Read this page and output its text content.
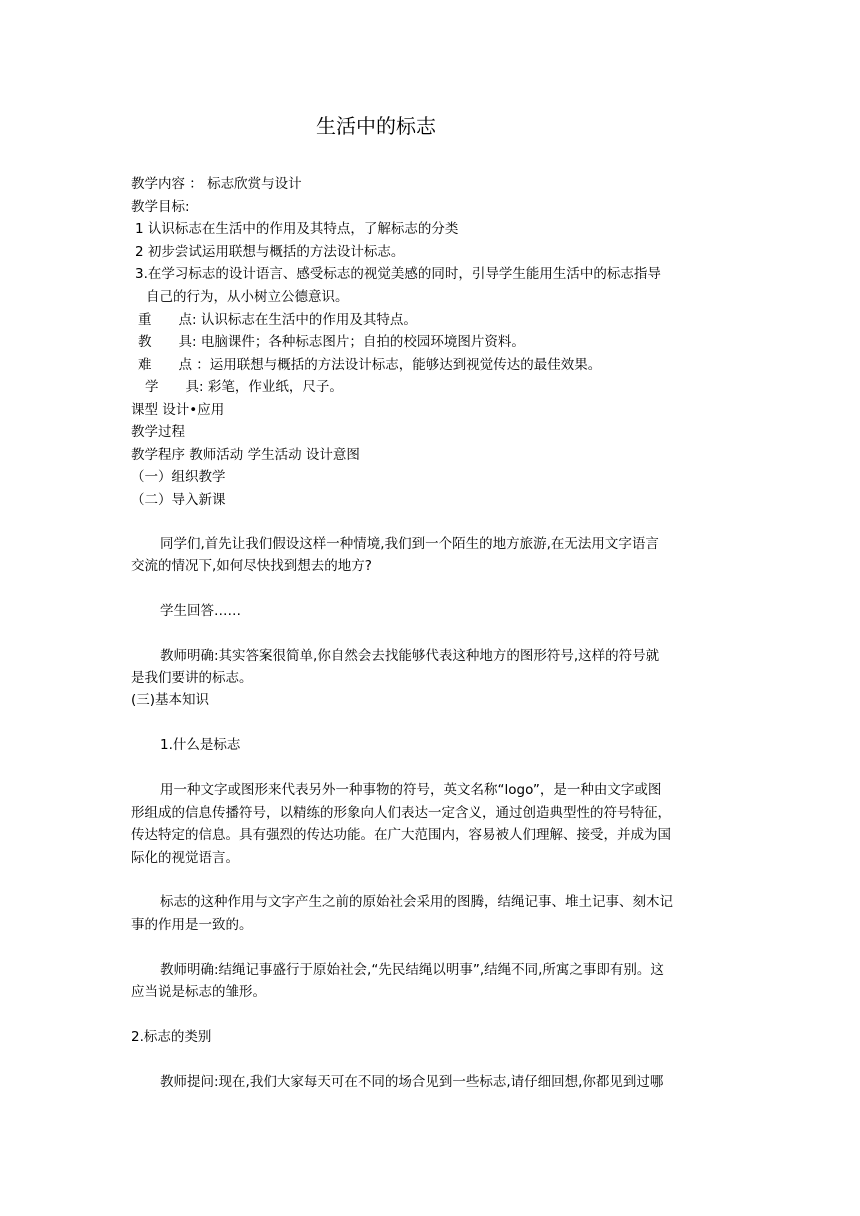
生活中的标志
教学内容 ： 标志欣赏与设计
教学目标:
1 认识标志在生活中的作用及其特点，了解标志的分类
2 初步尝试运用联想与概括的方法设计标志。
3.在学习标志的设计语言、感受标志的视觉美感的同时，引导学生能用生活中的标志指导
自己的行为，从小树立公德意识。
重　　点: 认识标志在生活中的作用及其特点。
教　　具: 电脑课件；各种标志图片；自拍的校园环境图片资料。
难　　点 ：运用联想与概括的方法设计标志，能够达到视觉传达的最佳效果。
学　　具: 彩笔，作业纸，尺子。
课型 设计•应用
教学过程
教学程序 教师活动 学生活动 设计意图
（一）组织教学
（二）导入新课
同学们,首先让我们假设这样一种情境,我们到一个陌生的地方旅游,在无法用文字语言
交流的情况下,如何尽快找到想去的地方?
学生回答……
教师明确:其实答案很简单,你自然会去找能够代表这种地方的图形符号,这样的符号就
是我们要讲的标志。
(三)基本知识
1.什么是标志
用一种文字或图形来代表另外一种事物的符号，英文名称“logo”，是一种由文字或图
形组成的信息传播符号，以精练的形象向人们表达一定含义，通过创造典型性的符号特征，
传达特定的信息。具有强烈的传达功能。在广大范围内，容易被人们理解、接受，并成为国
际化的视觉语言。
标志的这种作用与文字产生之前的原始社会采用的图腾，结绳记事、堆土记事、刻木记
事的作用是一致的。
教师明确:结绳记事盛行于原始社会,“先民结绳以明事”,结绳不同,所寓之事即有别。这
应当说是标志的雏形。
2.标志的类别
教师提问:现在,我们大家每天可在不同的场合见到一些标志,请仔细回想,你都见到过哪
